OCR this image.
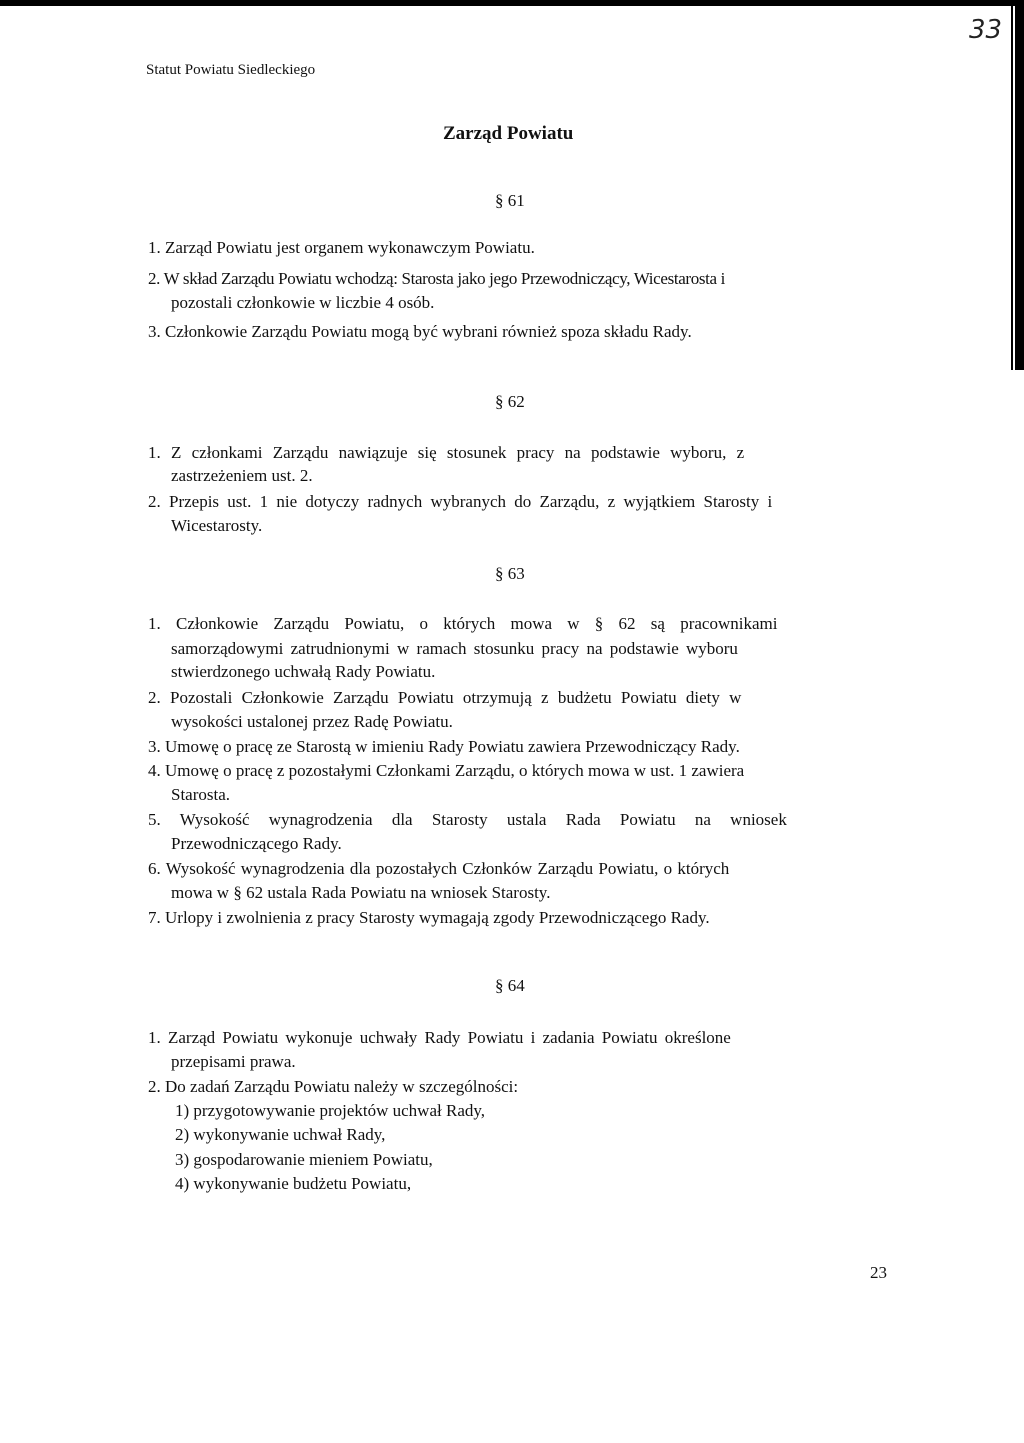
Statut Powiatu Siedleckiego
33
Zarząd Powiatu
§ 61
1. Zarząd Powiatu jest organem wykonawczym Powiatu.
2. W skład Zarządu Powiatu wchodzą: Starosta jako jego Przewodniczący, Wicestarosta i
pozostali członkowie w liczbie 4 osób.
3. Członkowie Zarządu Powiatu mogą być wybrani również spoza składu Rady.
§ 62
1. Z członkami Zarządu nawiązuje się stosunek pracy na podstawie wyboru, z
zastrzeżeniem ust. 2.
2. Przepis ust. 1 nie dotyczy radnych wybranych do Zarządu, z wyjątkiem Starosty i
Wicestarosty.
§ 63
1. Członkowie Zarządu Powiatu, o których mowa w § 62 są pracownikami
samorządowymi zatrudnionymi w ramach stosunku pracy na podstawie wyboru
stwierdzonego uchwałą Rady Powiatu.
2. Pozostali Członkowie Zarządu Powiatu otrzymują z budżetu Powiatu diety w
wysokości ustalonej przez Radę Powiatu.
3. Umowę o pracę ze Starostą w imieniu Rady Powiatu zawiera Przewodniczący Rady.
4. Umowę o pracę z pozostałymi Członkami Zarządu, o których mowa w ust. 1 zawiera
Starosta.
5. Wysokość wynagrodzenia dla Starosty ustala Rada Powiatu na wniosek
Przewodniczącego Rady.
6. Wysokość wynagrodzenia dla pozostałych Członków Zarządu Powiatu, o których
mowa w § 62 ustala Rada Powiatu na wniosek Starosty.
7. Urlopy i zwolnienia z pracy Starosty wymagają zgody Przewodniczącego Rady.
§ 64
1. Zarząd Powiatu wykonuje uchwały Rady Powiatu i zadania Powiatu określone
przepisami prawa.
2. Do zadań Zarządu Powiatu należy w szczególności:
1) przygotowywanie projektów uchwał Rady,
2) wykonywanie uchwał Rady,
3) gospodarowanie mieniem Powiatu,
4) wykonywanie budżetu Powiatu,
23
